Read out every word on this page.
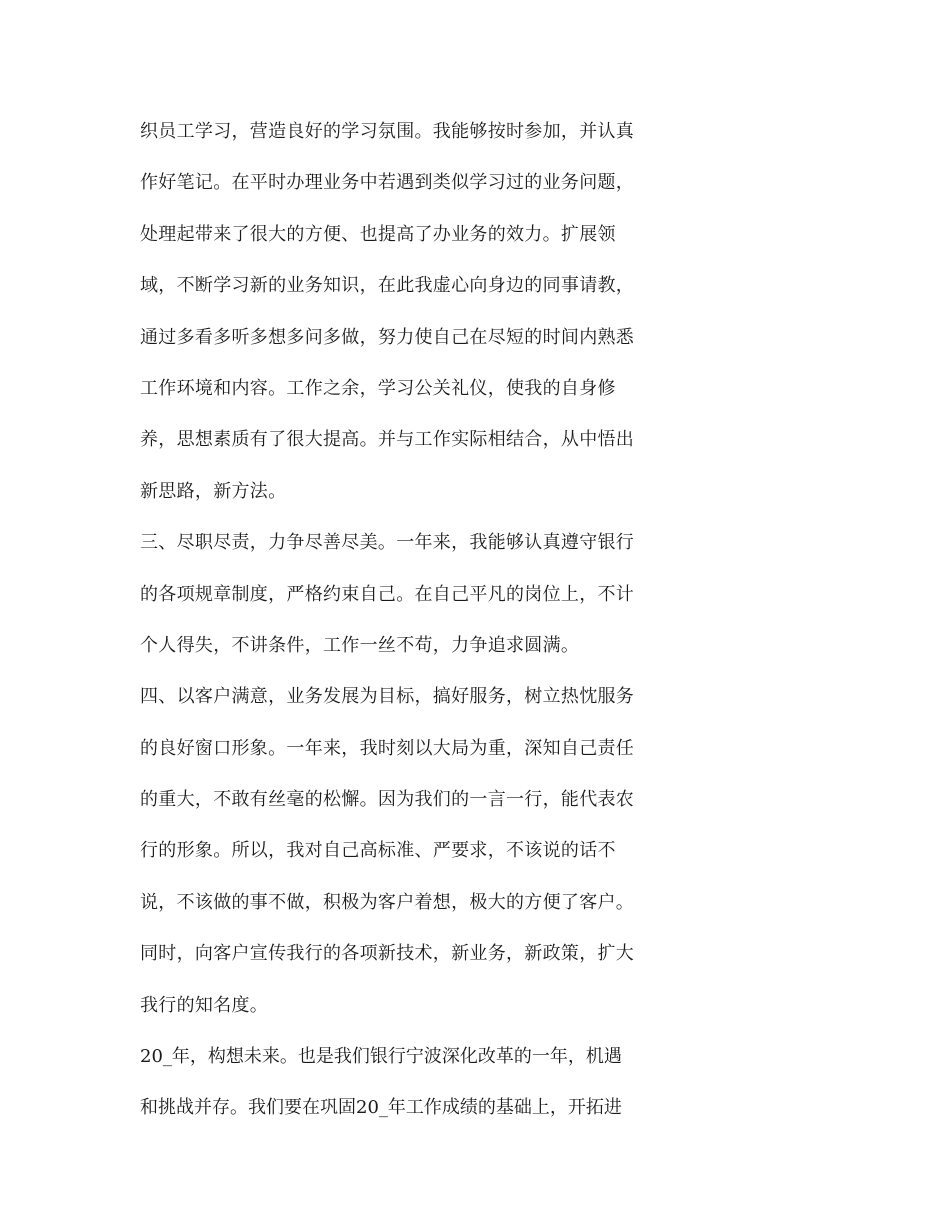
织员工学习，营造良好的学习氛围。我能够按时参加，并认真
作好笔记。在平时办理业务中若遇到类似学习过的业务问题，
处理起带来了很大的方便、也提高了办业务的效力。扩展领
域，不断学习新的业务知识，在此我虚心向身边的同事请教，
通过多看多听多想多问多做，努力使自己在尽短的时间内熟悉
工作环境和内容。工作之余，学习公关礼仪，使我的自身修
养，思想素质有了很大提高。并与工作实际相结合，从中悟出
新思路，新方法。
三、尽职尽责，力争尽善尽美。一年来，我能够认真遵守银行
的各项规章制度，严格约束自己。在自己平凡的岗位上，不计
个人得失，不讲条件，工作一丝不苟，力争追求圆满。
四、以客户满意，业务发展为目标，搞好服务，树立热忱服务
的良好窗口形象。一年来，我时刻以大局为重，深知自己责任
的重大，不敢有丝毫的松懈。因为我们的一言一行，能代表农
行的形象。所以，我对自己高标准、严要求，不该说的话不
说，不该做的事不做，积极为客户着想，极大的方便了客户。
同时，向客户宣传我行的各项新技术，新业务，新政策，扩大
我行的知名度。
20_年，构想未来。也是我们银行宁波深化改革的一年，机遇
和挑战并存。我们要在巩固20_年工作成绩的基础上，开拓进
